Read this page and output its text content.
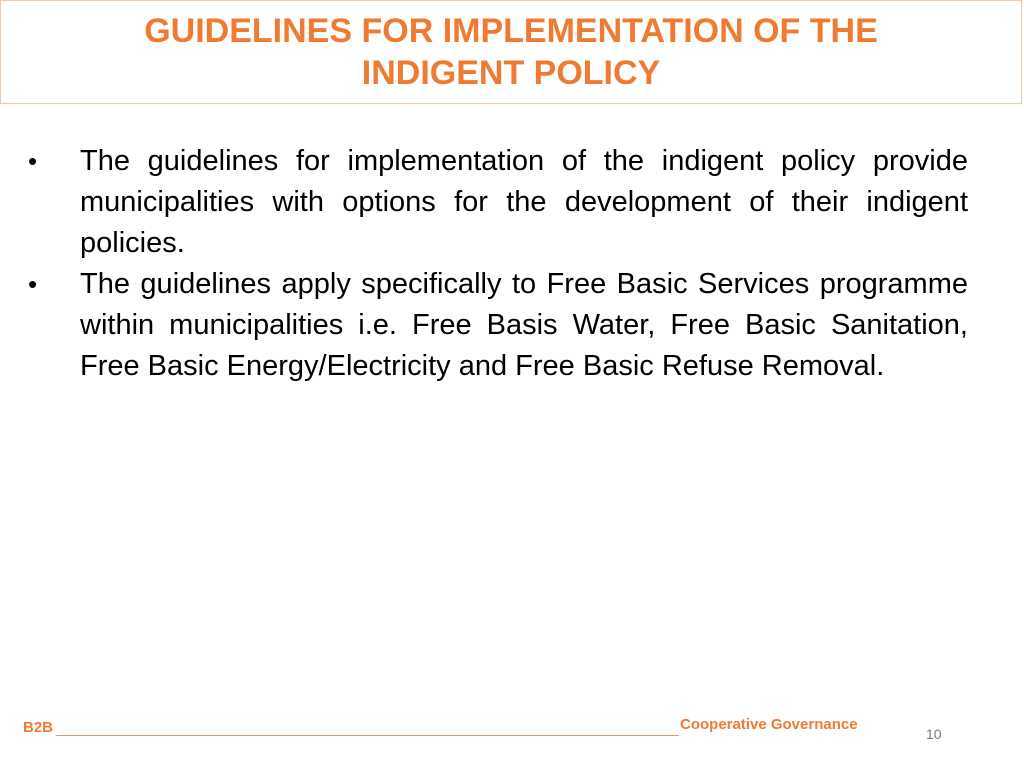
GUIDELINES FOR IMPLEMENTATION OF THE INDIGENT POLICY
•	The guidelines for implementation of the indigent policy provide municipalities with options for the development of their indigent policies.
•	The guidelines apply specifically to Free Basic Services programme within municipalities i.e. Free Basis Water, Free Basic Sanitation, Free Basic Energy/Electricity and Free Basic Refuse Removal.
B2B	Cooperative Governance
10
